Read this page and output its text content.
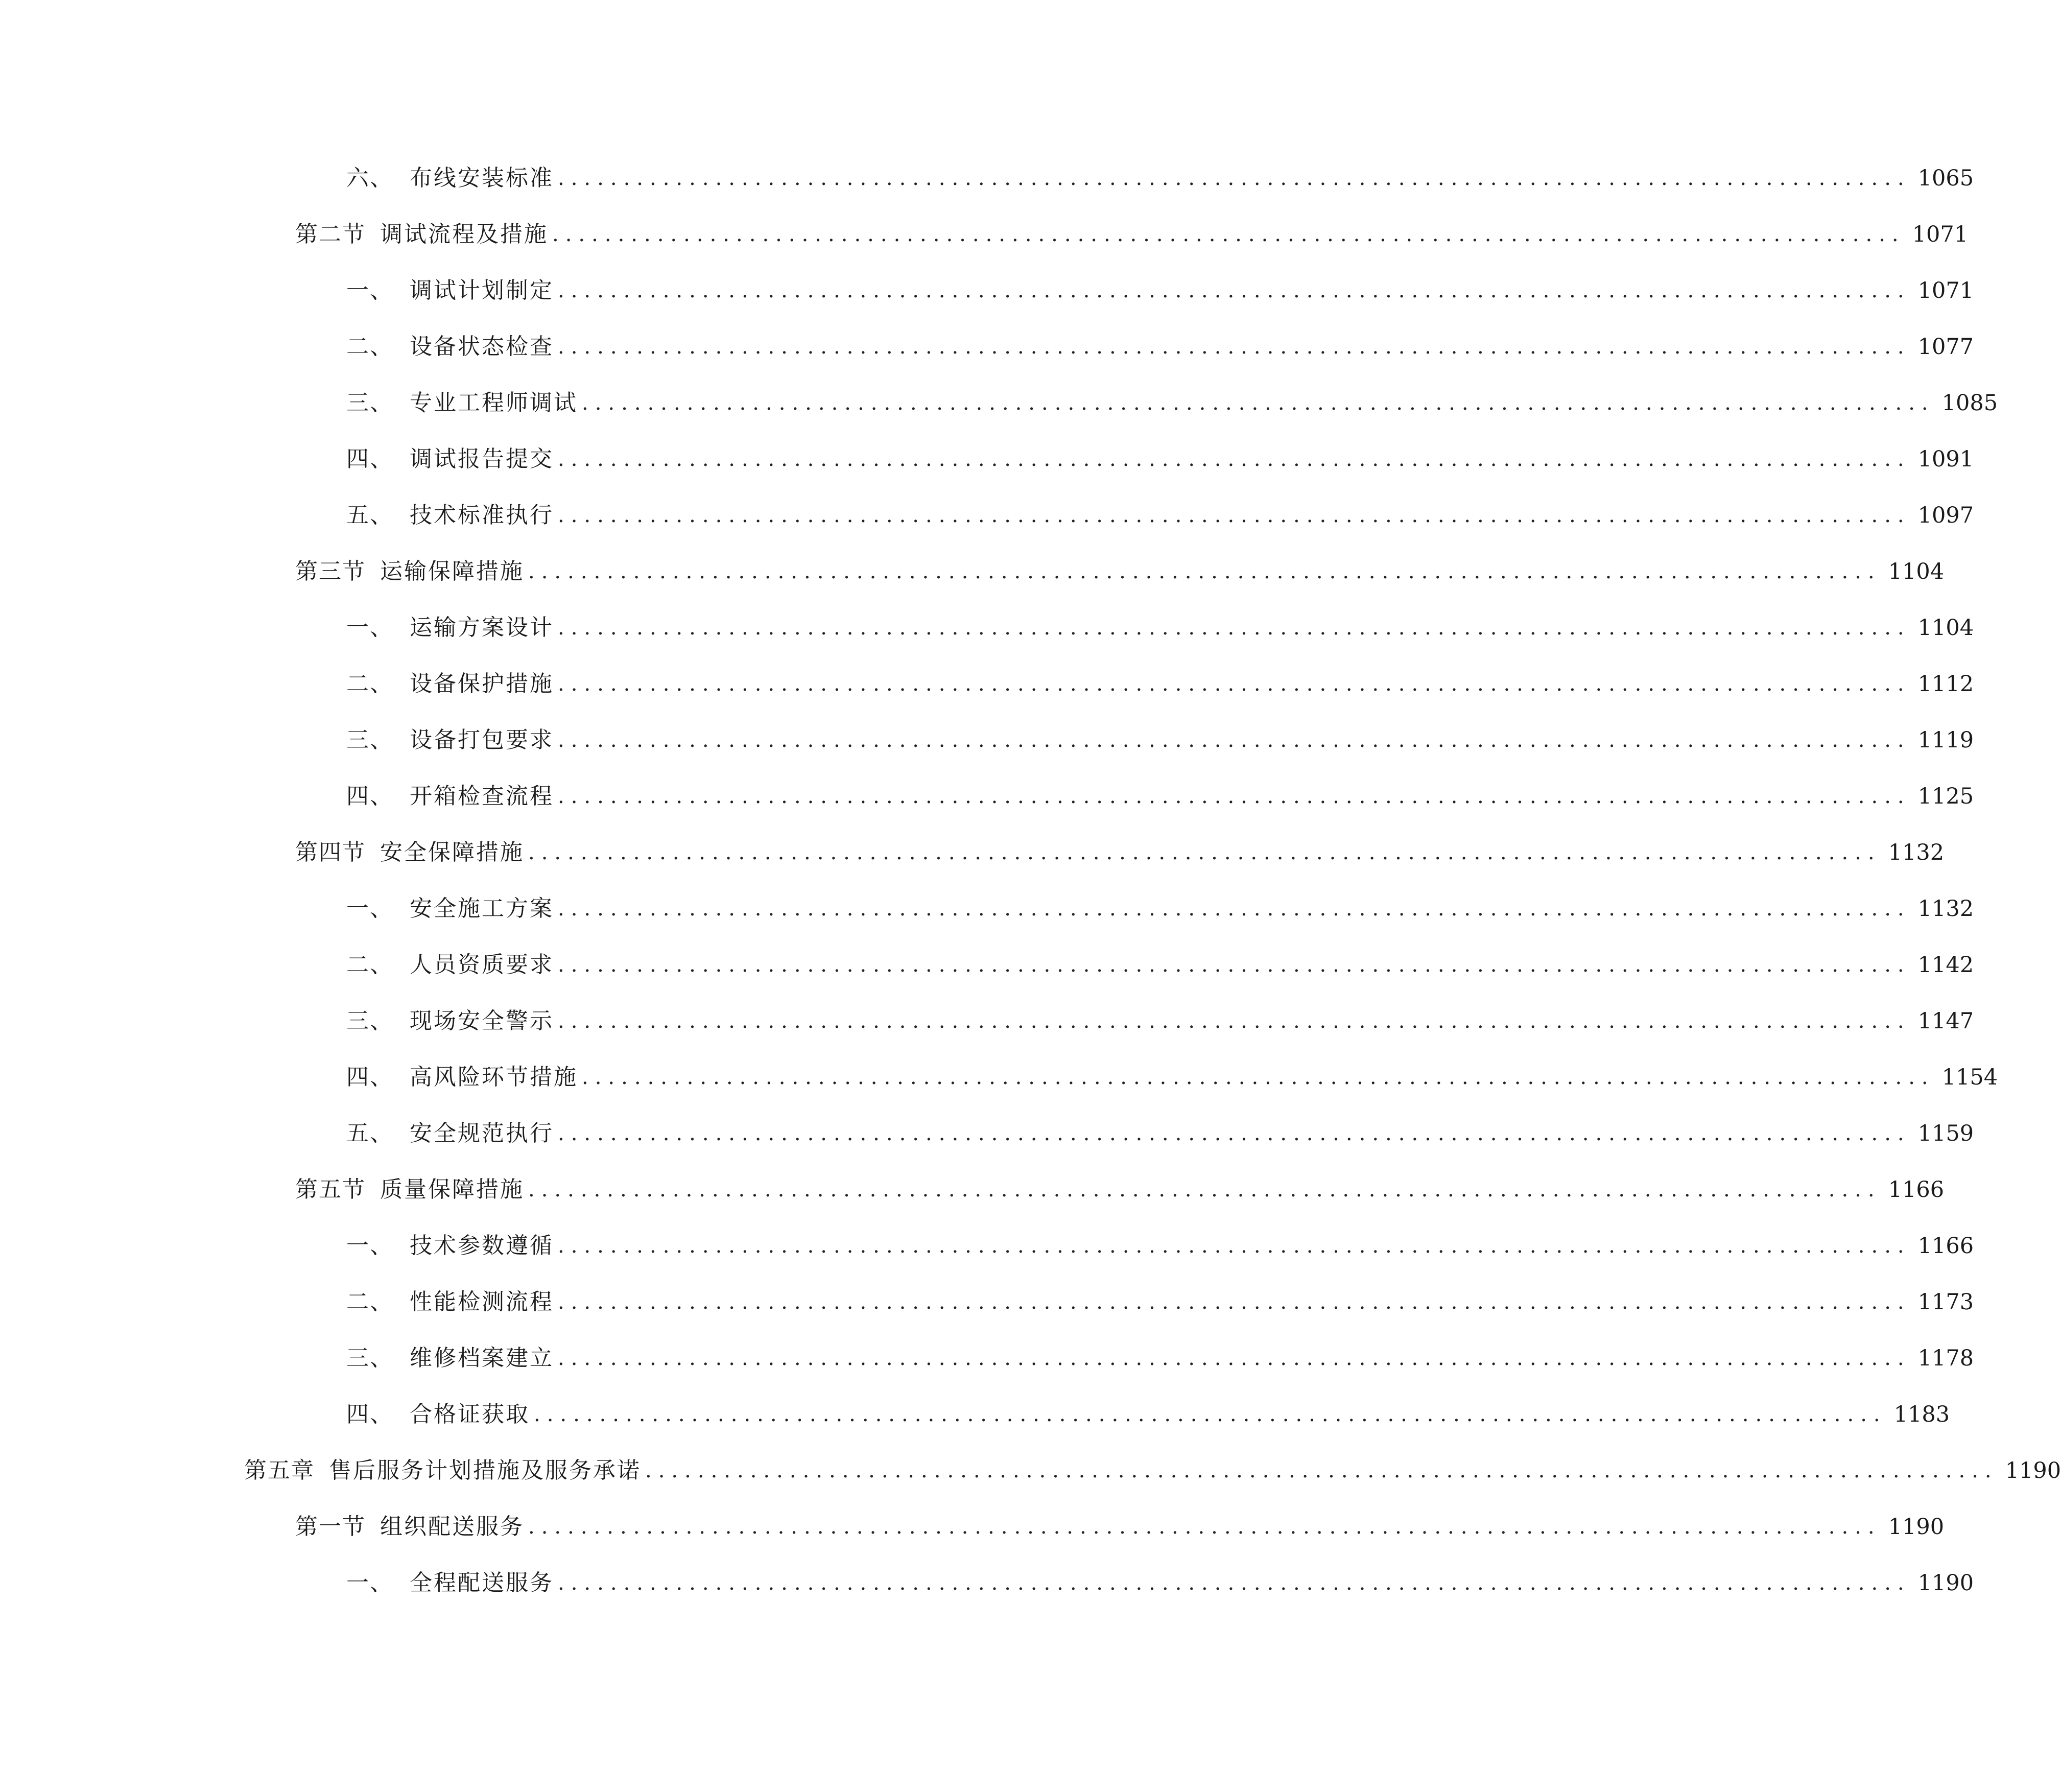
六、 布线安装标准 ....................................................................................................... 1065
第二节 调试流程及措施 ....................................................................................................... 1071
一、 调试计划制定 ....................................................................................................... 1071
二、 设备状态检查 ....................................................................................................... 1077
三、 专业工程师调试 ....................................................................................................... 1085
四、 调试报告提交 ....................................................................................................... 1091
五、 技术标准执行 ....................................................................................................... 1097
第三节 运输保障措施 ....................................................................................................... 1104
一、 运输方案设计 ....................................................................................................... 1104
二、 设备保护措施 ....................................................................................................... 1112
三、 设备打包要求 ....................................................................................................... 1119
四、 开箱检查流程 ....................................................................................................... 1125
第四节 安全保障措施 ....................................................................................................... 1132
一、 安全施工方案 ....................................................................................................... 1132
二、 人员资质要求 ....................................................................................................... 1142
三、 现场安全警示 ....................................................................................................... 1147
四、 高风险环节措施 ....................................................................................................... 1154
五、 安全规范执行 ....................................................................................................... 1159
第五节 质量保障措施 ....................................................................................................... 1166
一、 技术参数遵循 ....................................................................................................... 1166
二、 性能检测流程 ....................................................................................................... 1173
三、 维修档案建立 ....................................................................................................... 1178
四、 合格证获取 ....................................................................................................... 1183
第五章 售后服务计划措施及服务承诺 ....................................................................................................... 1190
第一节 组织配送服务 ....................................................................................................... 1190
一、 全程配送服务 ....................................................................................................... 1190
